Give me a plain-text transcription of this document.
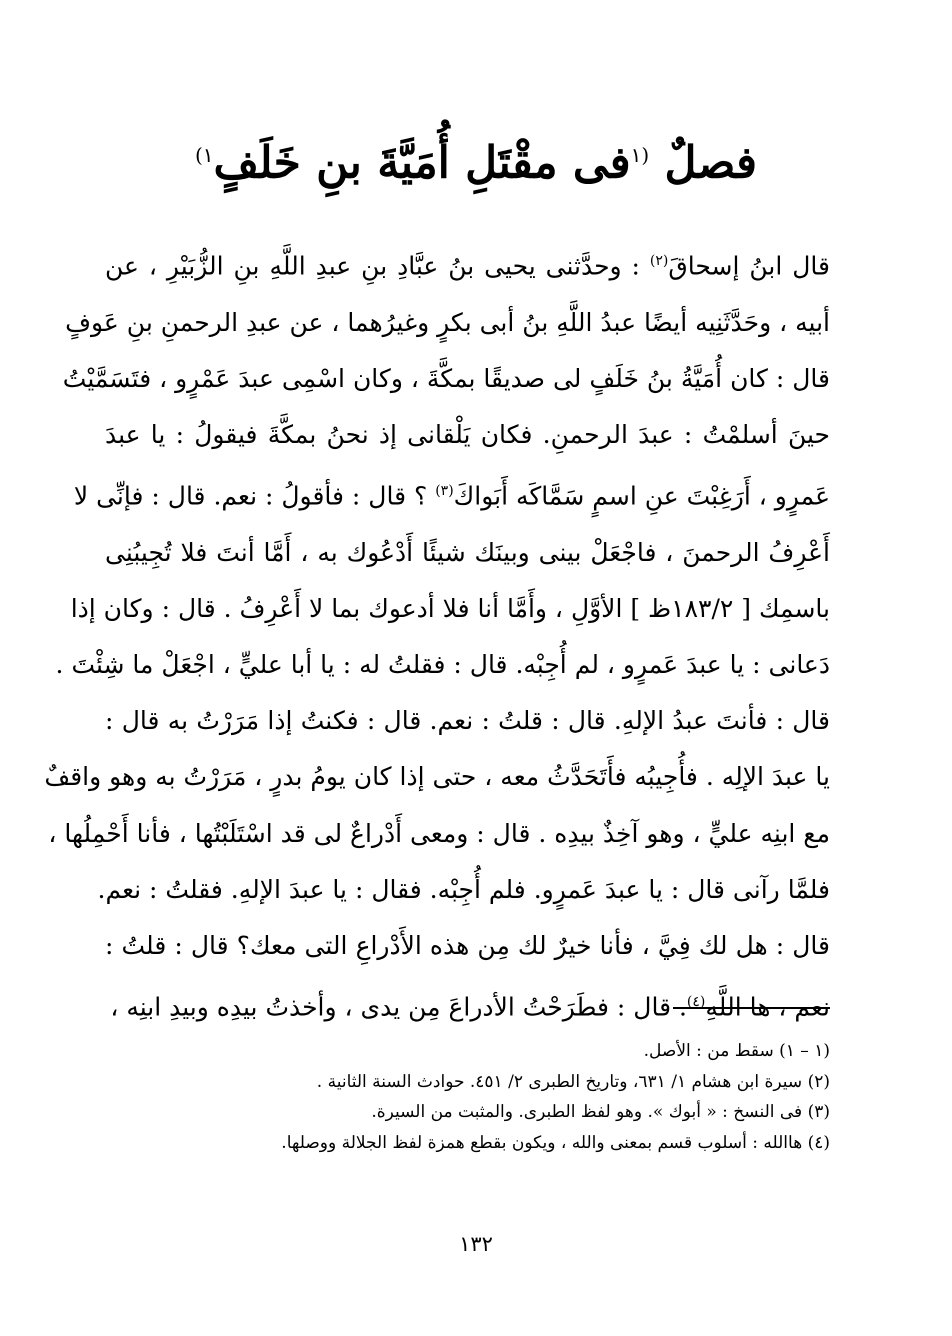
فصلٌ $^{(١}$فى مقْتَلِ أُمَيَّةَ بنِ خَلَفٍ$^{١)}$
قال ابنُ إسحاقَ$^{(٢)}$ : وحدَّثنى يحيى بنُ عبَّادِ بنِ عبدِ اللَّهِ بنِ الزُّبَيْرِ ، عن
أبيه ، وحَدَّثَنِيه أيضًا عبدُ اللَّهِ بنُ أبى بكرٍ وغيرُهما ، عن عبدِ الرحمنِ بنِ عَوفٍ
قال : كان أُمَيَّةُ بنُ خَلَفٍ لى صديقًا بمكَّةَ ، وكان اسْمِى عبدَ عَمْرٍو ، فتَسَمَّيْتُ
حينَ أسلمْتُ : عبدَ الرحمنِ. فكان يَلْقانى إذ نحنُ بمكَّةَ فيقولُ : يا عبدَ
عَمرٍو ، أَرَغِبْتَ عنِ اسمٍ سَمَّاكَه أَبَواكَ$^{(٣)}$ ؟ قال : فأقولُ : نعم. قال : فإنِّى لا
أَعْرِفُ الرحمنَ ، فاجْعَلْ بينى وبينَك شيئًا أَدْعُوك به ، أَمَّا أنتَ فلا تُجِيبُنِى
باسمِك [ ١٨٣/٢ظ ] الأوَّلِ ، وأَمَّا أنا فلا أدعوك بما لا أَعْرِفُ . قال : وكان إذا
دَعانى : يا عبدَ عَمرٍو ، لم أُجِبْه. قال : فقلتُ له : يا أبا عليٍّ ، اجْعَلْ ما شِئْتَ .
قال : فأنتَ عبدُ الإلهِ. قال : قلتُ : نعم. قال : فكنتُ إذا مَرَرْتُ به قال :
يا عبدَ الإلِه . فأُجِيبُه فأَتَحَدَّثُ معه ، حتى إذا كان يومُ بدرٍ ، مَرَرْتُ به وهو واقفٌ
مع ابنِه عليٍّ ، وهو آخِذٌ بيدِه . قال : ومعى أَدْراعٌ لى قد اسْتَلَبْتُها ، فأنا أَحْمِلُها ،
فلمَّا رآنى قال : يا عبدَ عَمرٍو. فلم أُجِبْه. فقال : يا عبدَ الإلهِ. فقلتُ : نعم.
قال : هل لك فِيَّ ، فأنا خيرٌ لك مِن هذه الأَدْراعِ التى معك؟ قال : قلتُ :
نعم ، ها اللَّهِ$^{(٤)}$. قال : فطَرَحْتُ الأدراعَ مِن يدى ، وأخذتُ بيدِه وبيدِ ابنِه ،
(١ – ١) سقط من : الأصل.
(٢) سيرة ابن هشام ١/ ٦٣١، وتاريخ الطبرى ٢/ ٤٥١. حوادث السنة الثانية .
(٣) فى النسخ : « أبوك ». وهو لفظ الطبرى. والمثبت من السيرة.
(٤) هاالله : أسلوب قسم بمعنى والله ، ويكون بقطع همزة لفظ الجلالة ووصلها.
١٣٢
